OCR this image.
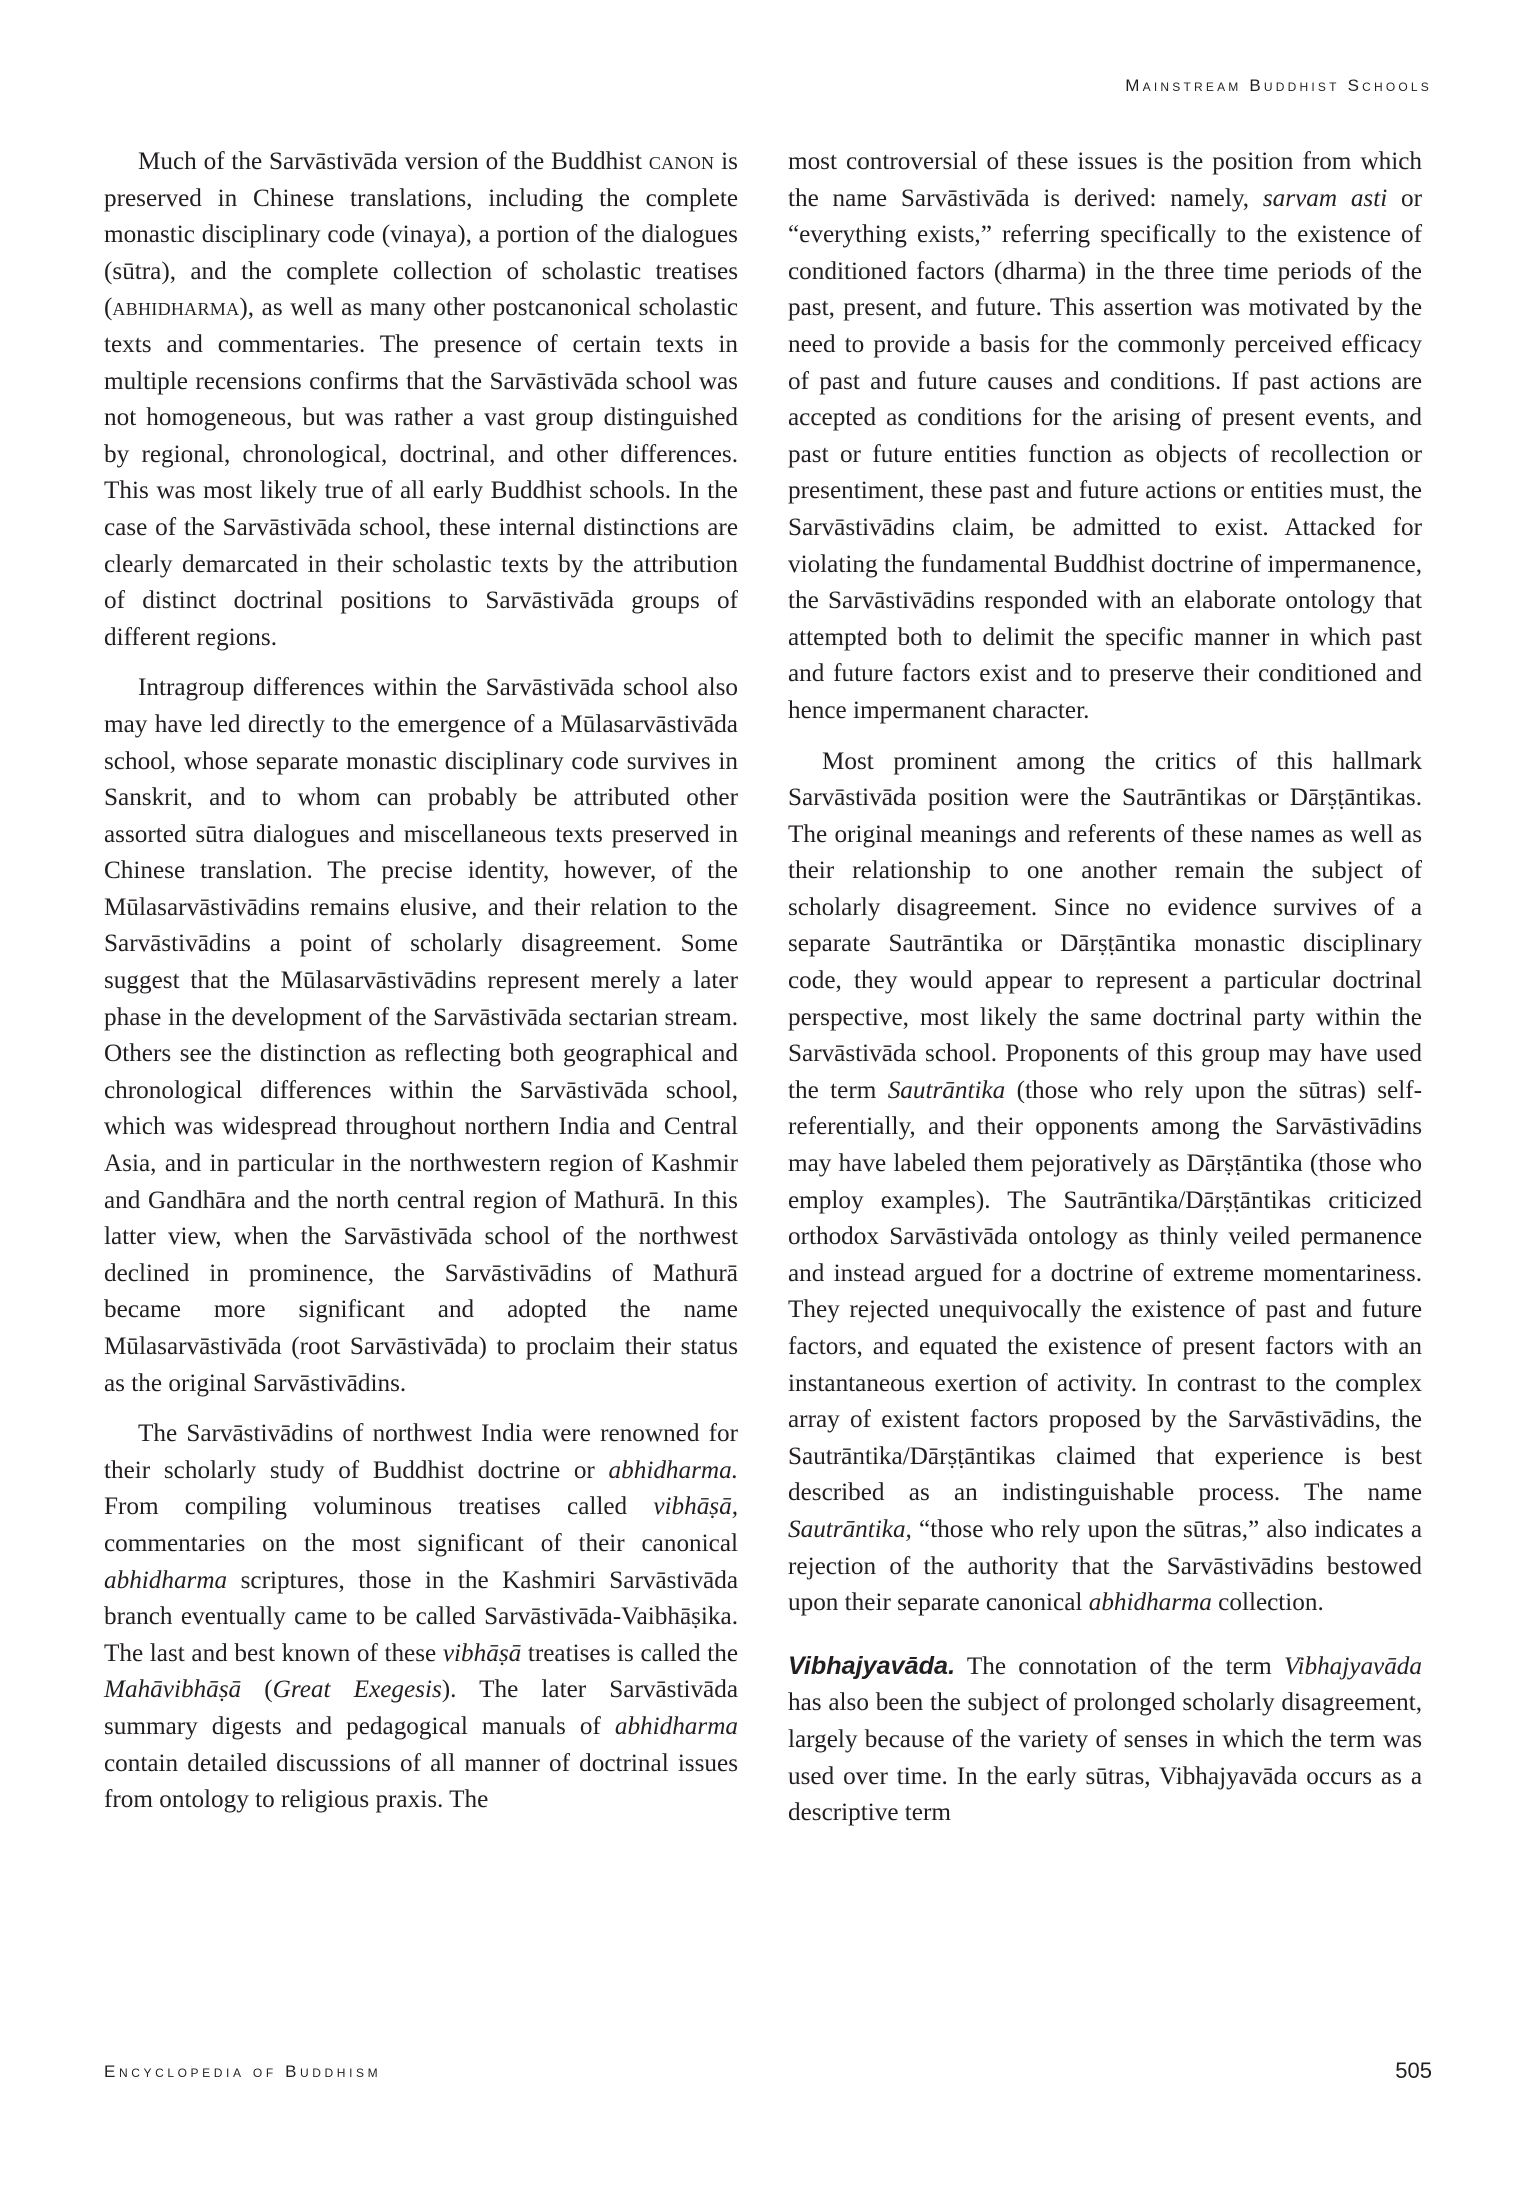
Mainstream Buddhist Schools

Much of the Sarvāstivāda version of the Buddhist canon is preserved in Chinese translations, including the complete monastic disciplinary code (vinaya), a portion of the dialogues (sūtra), and the complete collection of scholastic treatises (abhidharma), as well as many other postcanonical scholastic texts and commentaries. The presence of certain texts in multiple recensions confirms that the Sarvāstivāda school was not homogeneous, but was rather a vast group distinguished by regional, chronological, doctrinal, and other differences. This was most likely true of all early Buddhist schools. In the case of the Sarvāstivāda school, these internal distinctions are clearly demarcated in their scholastic texts by the attribution of distinct doctrinal positions to Sarvāstivāda groups of different regions.

Intragroup differences within the Sarvāstivāda school also may have led directly to the emergence of a Mūlasarvāstivāda school, whose separate monastic disciplinary code survives in Sanskrit, and to whom can probably be attributed other assorted sūtra dialogues and miscellaneous texts preserved in Chinese translation. The precise identity, however, of the Mūlasarvāstivādins remains elusive, and their relation to the Sarvāstivādins a point of scholarly disagreement. Some suggest that the Mūlasarvāstivādins represent merely a later phase in the development of the Sarvāstivāda sectarian stream. Others see the distinction as reflecting both geographical and chronological differences within the Sarvāstivāda school, which was widespread throughout northern India and Central Asia, and in particular in the northwestern region of Kashmir and Gandhāra and the north central region of Mathurā. In this latter view, when the Sarvāstivāda school of the northwest declined in prominence, the Sarvāstivādins of Mathurā became more significant and adopted the name Mūlasarvāstivāda (root Sarvāstivāda) to proclaim their status as the original Sarvāstivādins.

The Sarvāstivādins of northwest India were renowned for their scholarly study of Buddhist doctrine or abhidharma. From compiling voluminous treatises called vibhāṣā, commentaries on the most significant of their canonical abhidharma scriptures, those in the Kashmiri Sarvāstivāda branch eventually came to be called Sarvāstivāda-Vaibhāṣika. The last and best known of these vibhāṣā treatises is called the Mahāvibhāṣā (Great Exegesis). The later Sarvāstivāda summary digests and pedagogical manuals of abhidharma contain detailed discussions of all manner of doctrinal issues from ontology to religious praxis. The

most controversial of these issues is the position from which the name Sarvāstivāda is derived: namely, sarvam asti or “everything exists,” referring specifically to the existence of conditioned factors (dharma) in the three time periods of the past, present, and future. This assertion was motivated by the need to provide a basis for the commonly perceived efficacy of past and future causes and conditions. If past actions are accepted as conditions for the arising of present events, and past or future entities function as objects of recollection or presentiment, these past and future actions or entities must, the Sarvāstivādins claim, be admitted to exist. Attacked for violating the fundamental Buddhist doctrine of impermanence, the Sarvāstivādins responded with an elaborate ontology that attempted both to delimit the specific manner in which past and future factors exist and to preserve their conditioned and hence impermanent character.

Most prominent among the critics of this hallmark Sarvāstivāda position were the Sautrāntikas or Dārṣṭāntikas. The original meanings and referents of these names as well as their relationship to one another remain the subject of scholarly disagreement. Since no evidence survives of a separate Sautrāntika or Dārṣṭāntika monastic disciplinary code, they would appear to represent a particular doctrinal perspective, most likely the same doctrinal party within the Sarvāstivāda school. Proponents of this group may have used the term Sautrāntika (those who rely upon the sūtras) self-referentially, and their opponents among the Sarvāstivādins may have labeled them pejoratively as Dārṣṭāntika (those who employ examples). The Sautrāntika/Dārṣṭāntikas criticized orthodox Sarvāstivāda ontology as thinly veiled permanence and instead argued for a doctrine of extreme momentariness. They rejected unequivocally the existence of past and future factors, and equated the existence of present factors with an instantaneous exertion of activity. In contrast to the complex array of existent factors proposed by the Sarvāstivādins, the Sautrāntika/Dārṣṭāntikas claimed that experience is best described as an indistinguishable process. The name Sautrāntika, “those who rely upon the sūtras,” also indicates a rejection of the authority that the Sarvāstivādins bestowed upon their separate canonical abhidharma collection.

Vibhajyavāda. The connotation of the term Vibhajyavāda has also been the subject of prolonged scholarly disagreement, largely because of the variety of senses in which the term was used over time. In the early sūtras, Vibhajyavāda occurs as a descriptive term

Encyclopedia of Buddhism	505
